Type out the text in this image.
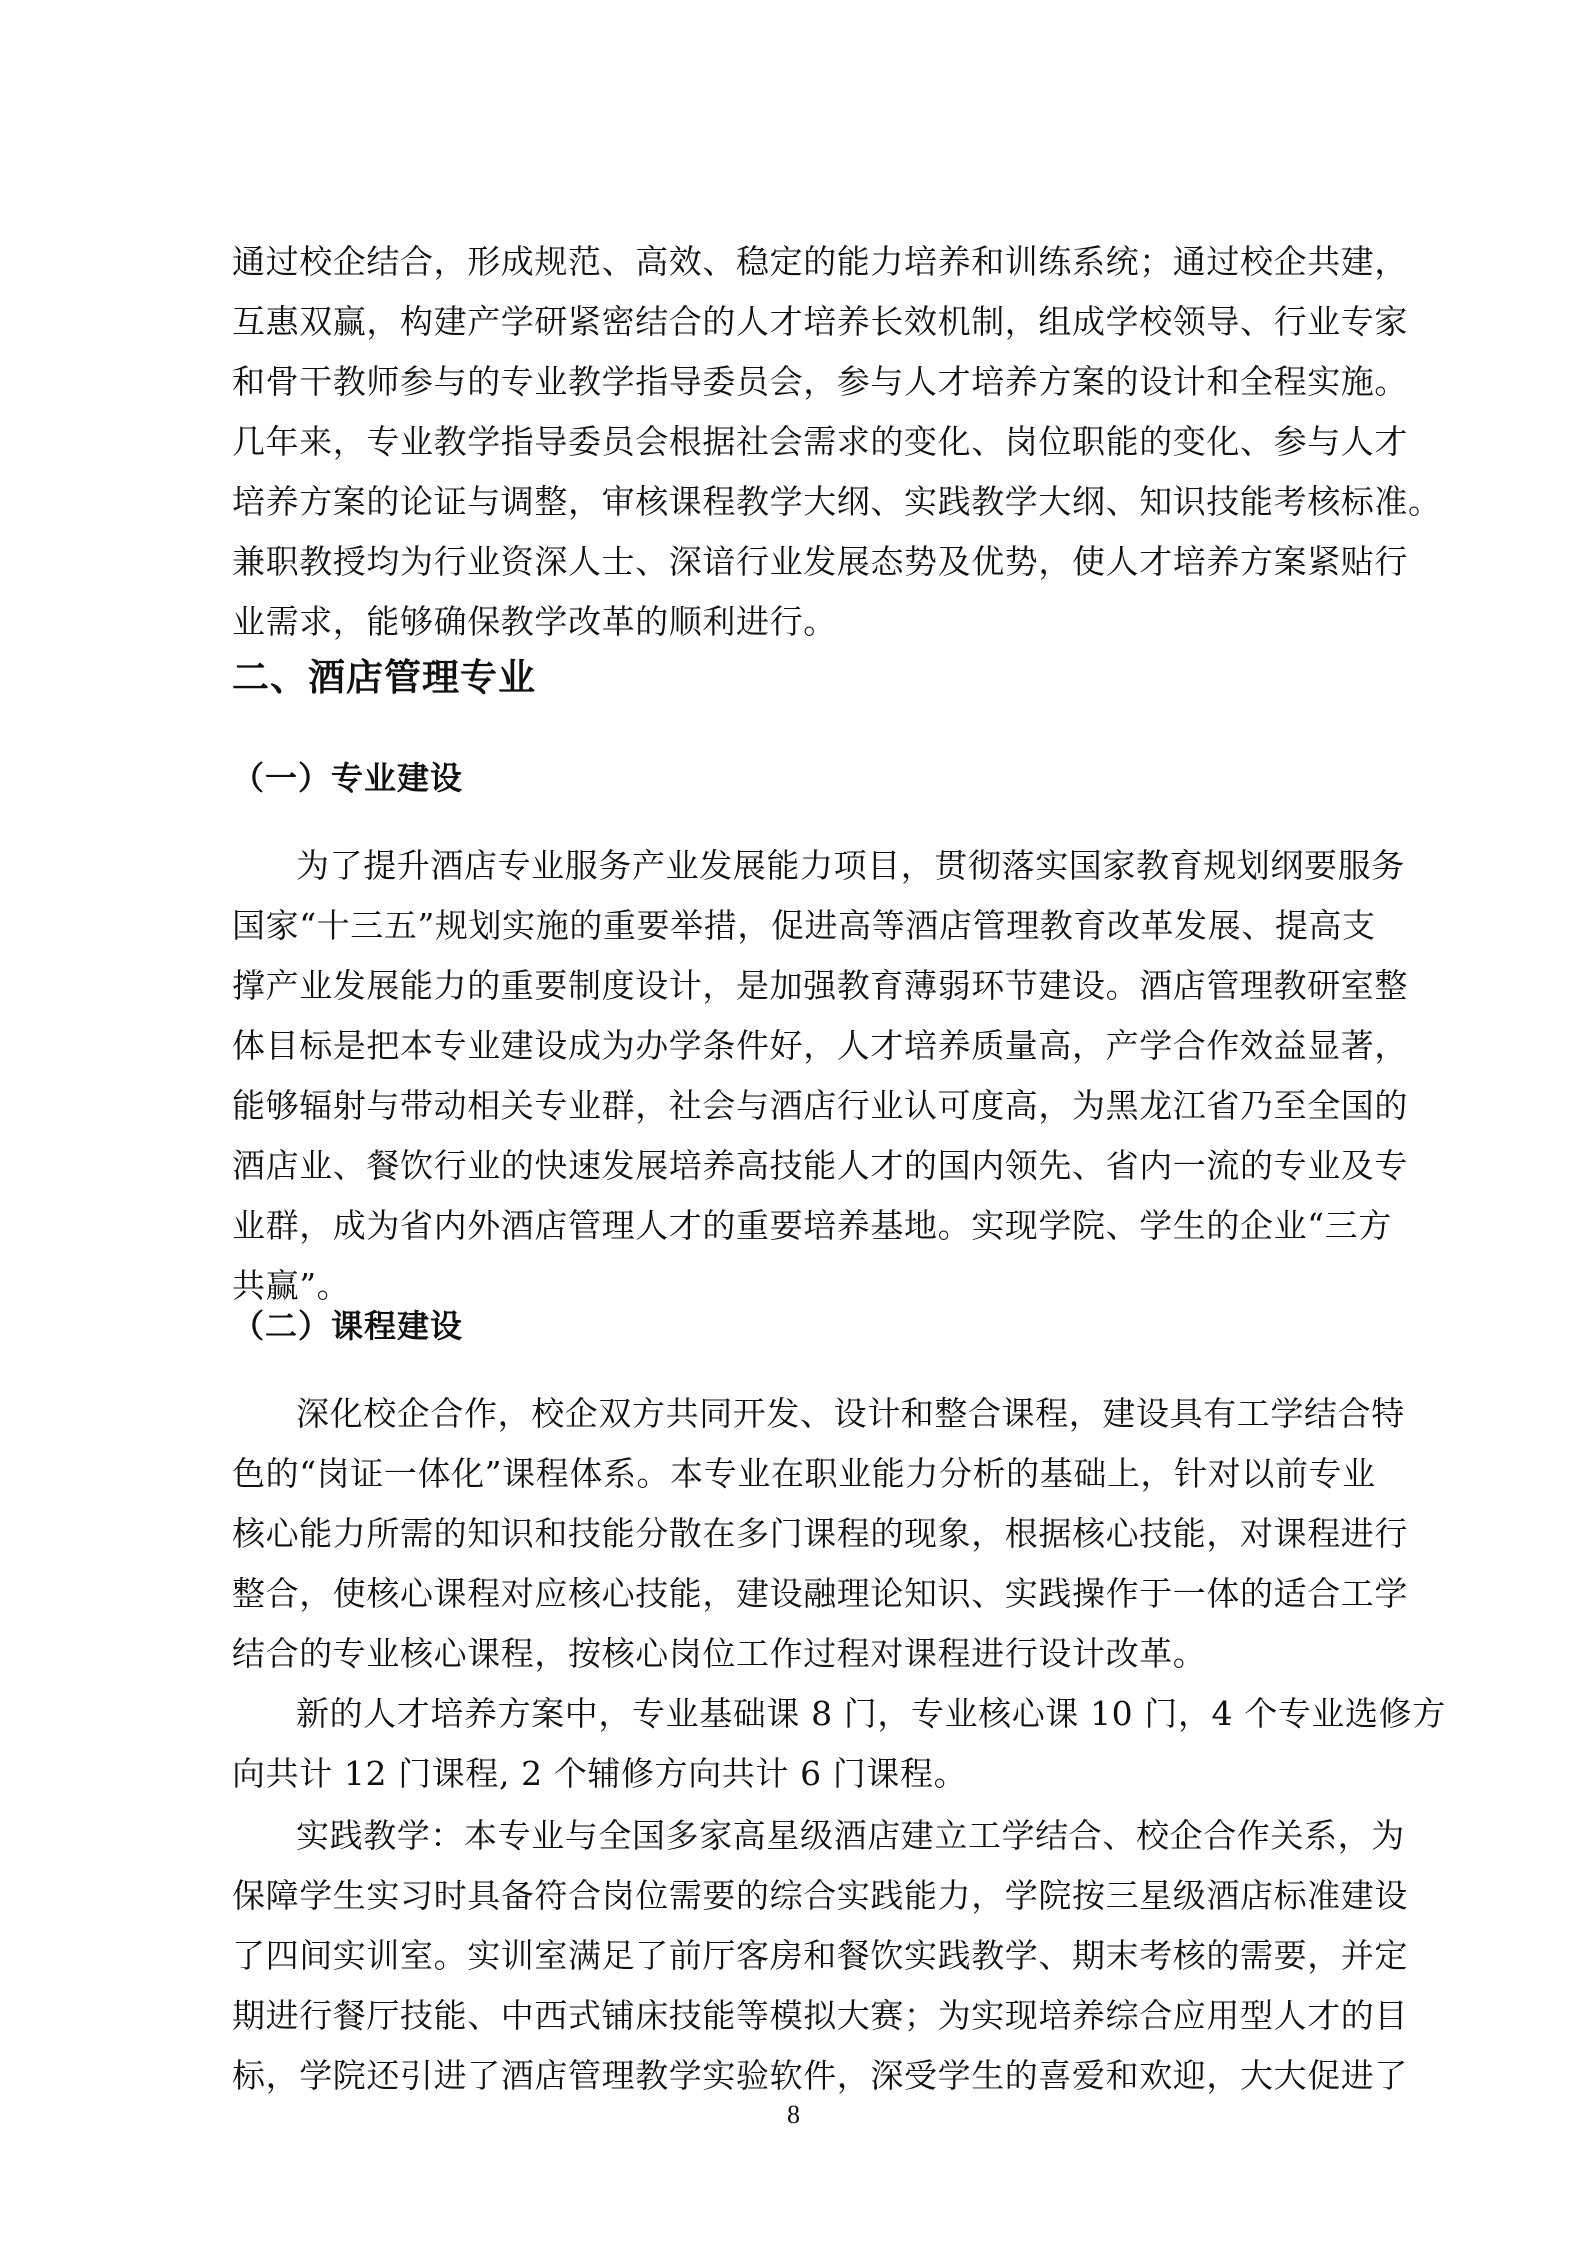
通过校企结合，形成规范、高效、稳定的能力培养和训练系统；通过校企共建，
互惠双赢，构建产学研紧密结合的人才培养长效机制，组成学校领导、行业专家
和骨干教师参与的专业教学指导委员会，参与人才培养方案的设计和全程实施。
几年来，专业教学指导委员会根据社会需求的变化、岗位职能的变化、参与人才
培养方案的论证与调整，审核课程教学大纲、实践教学大纲、知识技能考核标准。
兼职教授均为行业资深人士、深谙行业发展态势及优势，使人才培养方案紧贴行
业需求，能够确保教学改革的顺利进行。
二、酒店管理专业
（一）专业建设
为了提升酒店专业服务产业发展能力项目，贯彻落实国家教育规划纲要服务
国家“十三五”规划实施的重要举措，促进高等酒店管理教育改革发展、提高支
撑产业发展能力的重要制度设计，是加强教育薄弱环节建设。酒店管理教研室整
体目标是把本专业建设成为办学条件好，人才培养质量高，产学合作效益显著，
能够辐射与带动相关专业群，社会与酒店行业认可度高，为黑龙江省乃至全国的
酒店业、餐饮行业的快速发展培养高技能人才的国内领先、省内一流的专业及专
业群，成为省内外酒店管理人才的重要培养基地。实现学院、学生的企业“三方
共赢”。
（二）课程建设
深化校企合作，校企双方共同开发、设计和整合课程，建设具有工学结合特
色的“岗证一体化”课程体系。本专业在职业能力分析的基础上，针对以前专业
核心能力所需的知识和技能分散在多门课程的现象，根据核心技能，对课程进行
整合，使核心课程对应核心技能，建设融理论知识、实践操作于一体的适合工学
结合的专业核心课程，按核心岗位工作过程对课程进行设计改革。
新的人才培养方案中，专业基础课 8 门，专业核心课 10 门，4 个专业选修方
向共计 12 门课程, 2 个辅修方向共计 6 门课程。
实践教学：本专业与全国多家高星级酒店建立工学结合、校企合作关系，为
保障学生实习时具备符合岗位需要的综合实践能力，学院按三星级酒店标准建设
了四间实训室。实训室满足了前厅客房和餐饮实践教学、期末考核的需要，并定
期进行餐厅技能、中西式铺床技能等模拟大赛；为实现培养综合应用型人才的目
标，学院还引进了酒店管理教学实验软件，深受学生的喜爱和欢迎，大大促进了
8
